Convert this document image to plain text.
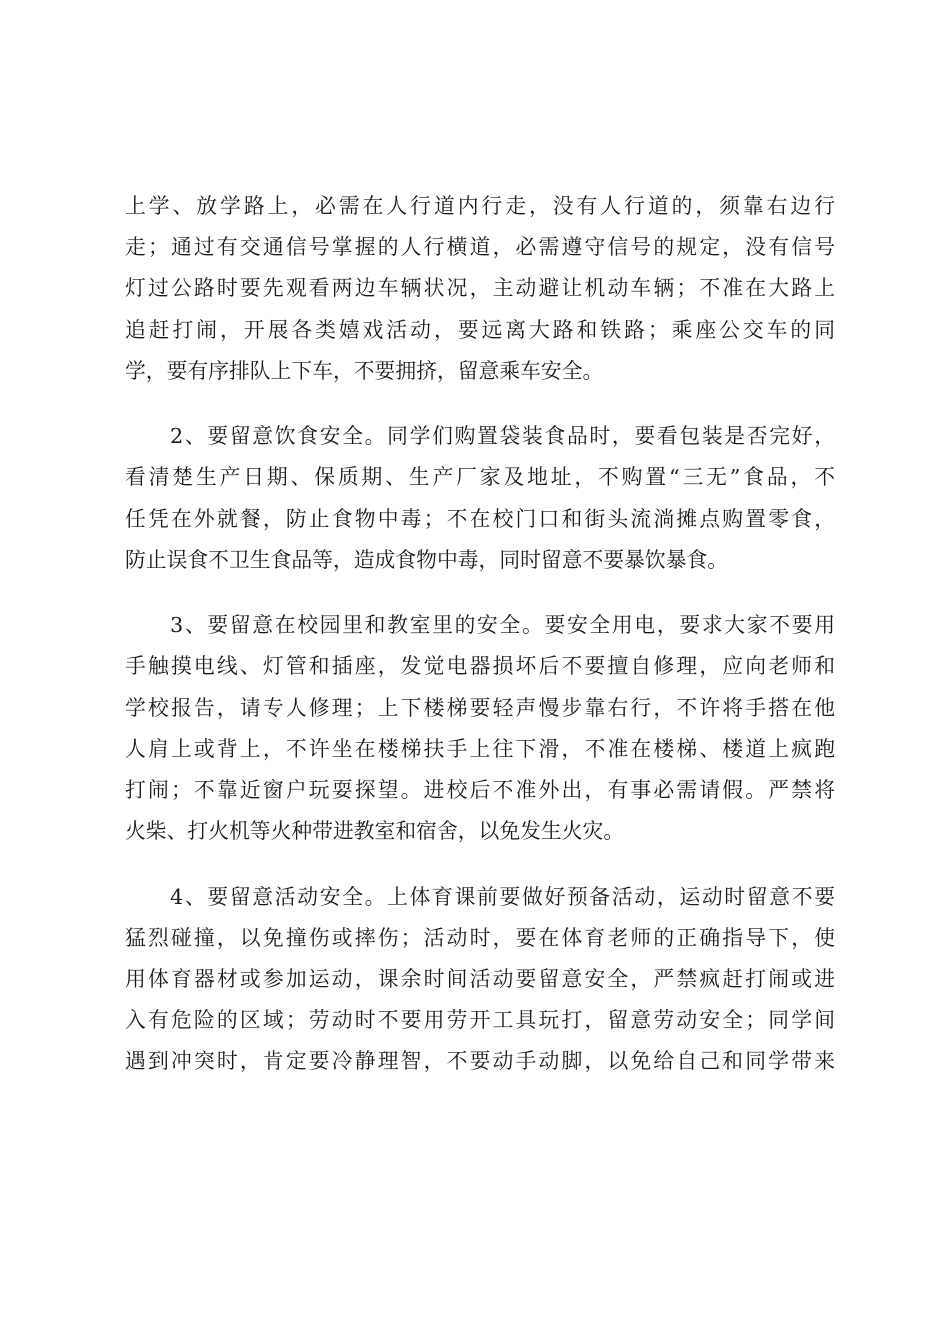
上学、放学路上，必需在人行道内行走，没有人行道的，须靠右边行
走；通过有交通信号掌握的人行横道，必需遵守信号的规定，没有信号
灯过公路时要先观看两边车辆状况，主动避让机动车辆；不准在大路上
追赶打闹，开展各类嬉戏活动，要远离大路和铁路；乘座公交车的同
学，要有序排队上下车，不要拥挤，留意乘车安全。
　　2、要留意饮食安全。同学们购置袋装食品时，要看包装是否完好，
看清楚生产日期、保质期、生产厂家及地址，不购置“三无”食品，不
任凭在外就餐，防止食物中毒；不在校门口和街头流淌摊点购置零食，
防止误食不卫生食品等，造成食物中毒，同时留意不要暴饮暴食。
　　3、要留意在校园里和教室里的安全。要安全用电，要求大家不要用
手触摸电线、灯管和插座，发觉电器损坏后不要擅自修理，应向老师和
学校报告，请专人修理；上下楼梯要轻声慢步靠右行，不许将手搭在他
人肩上或背上，不许坐在楼梯扶手上往下滑，不准在楼梯、楼道上疯跑
打闹；不靠近窗户玩耍探望。进校后不准外出，有事必需请假。严禁将
火柴、打火机等火种带进教室和宿舍，以免发生火灾。
　　4、要留意活动安全。上体育课前要做好预备活动，运动时留意不要
猛烈碰撞，以免撞伤或摔伤；活动时，要在体育老师的正确指导下，使
用体育器材或参加运动，课余时间活动要留意安全，严禁疯赶打闹或进
入有危险的区域；劳动时不要用劳开工具玩打，留意劳动安全；同学间
遇到冲突时，肯定要冷静理智，不要动手动脚，以免给自己和同学带来
